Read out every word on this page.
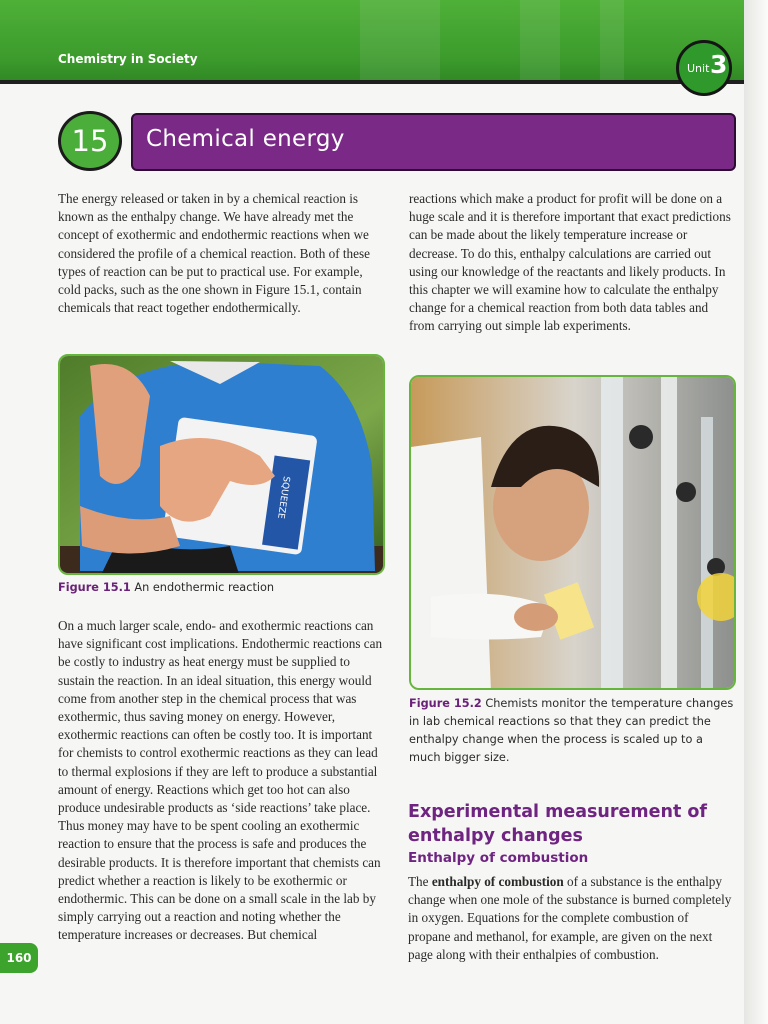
Chemistry in Society
Unit 3
Chemical energy
15

The energy released or taken in by a chemical reaction is known as the enthalpy change. We have already met the concept of exothermic and endothermic reactions when we considered the profile of a chemical reaction. Both of these types of reaction can be put to practical use. For example, cold packs, such as the one shown in Figure 15.1, contain chemicals that react together endothermically.

reactions which make a product for profit will be done on a huge scale and it is therefore important that exact predictions can be made about the likely temperature increase or decrease. To do this, enthalpy calculations are carried out using our knowledge of the reactants and likely products. In this chapter we will examine how to calculate the enthalpy change for a chemical reaction from both data tables and from carrying out simple lab experiments.

SQUEEZE
Figure 15.1 An endothermic reaction

On a much larger scale, endo- and exothermic reactions can have significant cost implications. Endothermic reactions can be costly to industry as heat energy must be supplied to sustain the reaction. In an ideal situation, this energy would come from another step in the chemical process that was exothermic, thus saving money on energy. However, exothermic reactions can often be costly too. It is important for chemists to control exothermic reactions as they can lead to thermal explosions if they are left to produce a substantial amount of energy. Reactions which get too hot can also produce undesirable products as ‘side reactions’ take place. Thus money may have to be spent cooling an exothermic reaction to ensure that the process is safe and produces the desirable products. It is therefore important that chemists can predict whether a reaction is likely to be exothermic or endothermic. This can be done on a small scale in the lab by simply carrying out a reaction and noting whether the temperature increases or decreases. But chemical

Figure 15.2 Chemists monitor the temperature changes in lab chemical reactions so that they can predict the enthalpy change when the process is scaled up to a much bigger size.
Experimental measurement of enthalpy changes
Enthalpy of combustion

The enthalpy of combustion of a substance is the enthalpy change when one mole of the substance is burned completely in oxygen. Equations for the complete combustion of propane and methanol, for example, are given on the next page along with their enthalpies of combustion.

160
